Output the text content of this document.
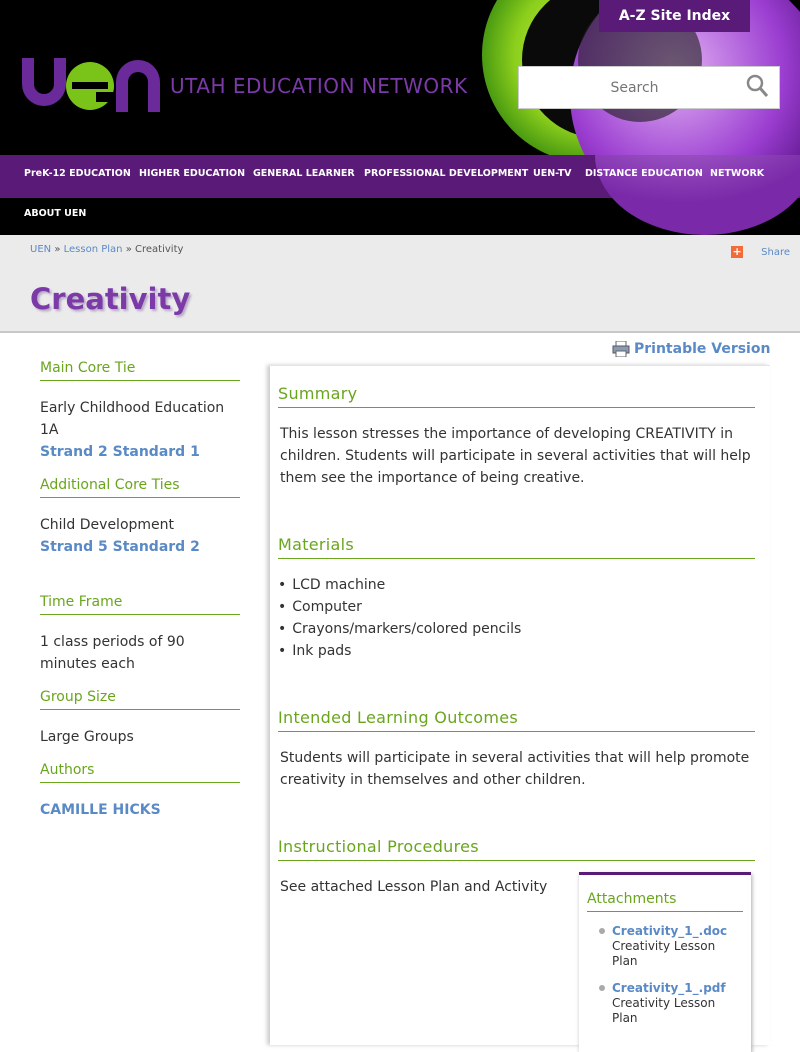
A-Z Site Index
UTAH EDUCATION NETWORK
Search
PreK-12 EDUCATION HIGHER EDUCATION GENERAL LEARNER PROFESSIONAL DEVELOPMENT UEN-TV DISTANCE EDUCATION NETWORK
ABOUT UEN
UEN » Lesson Plan » Creativity	+ Share
Creativity
Main Core Tie
Early Childhood Education 1A
Strand 2 Standard 1
Additional Core Ties
Child Development
Strand 5 Standard 2
Time Frame
1 class periods of 90 minutes each
Group Size
Large Groups
Authors
CAMILLE HICKS
Printable Version
Summary

This lesson stresses the importance of developing CREATIVITY in children. Students will participate in several activities that will help them see the importance of being creative.

Materials
• LCD machine
• Computer
• Crayons/markers/colored pencils
• Ink pads
Intended Learning Outcomes

Students will participate in several activities that will help promote creativity in themselves and other children.

Instructional Procedures

See attached Lesson Plan and Activity

Attachments
Creativity_1_.doc
Creativity Lesson Plan
Creativity_1_.pdf
Creativity Lesson Plan
